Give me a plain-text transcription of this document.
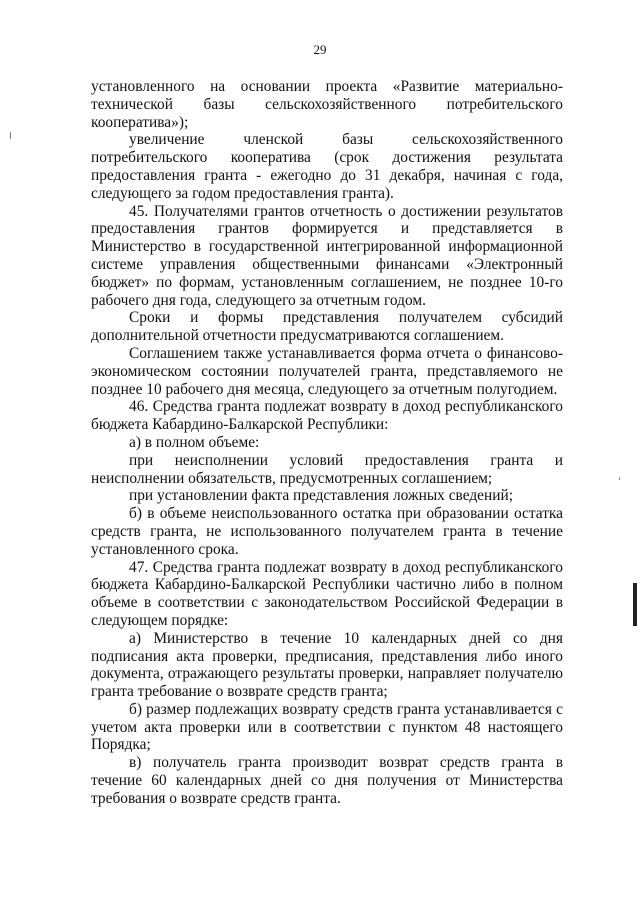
29

установленного на основании проекта «Развитие материально-технической базы сельскохозяйственного потребительского кооператива»);

увеличение членской базы сельскохозяйственного потребительского кооператива (срок достижения результата предоставления гранта - ежегодно до 31 декабря, начиная с года, следующего за годом предоставления гранта).

45. Получателями грантов отчетность о достижении результатов предоставления грантов формируется и представляется в Министерство в государственной интегрированной информационной системе управления общественными финансами «Электронный бюджет» по формам, установленным соглашением, не позднее 10-го рабочего дня года, следующего за отчетным годом.

Сроки и формы представления получателем субсидий дополнительной отчетности предусматриваются соглашением.

Соглашением также устанавливается форма отчета о финансово-экономическом состоянии получателей гранта, представляемого не позднее 10 рабочего дня месяца, следующего за отчетным полугодием.

46. Средства гранта подлежат возврату в доход республиканского бюджета Кабардино-Балкарской Республики:

а) в полном объеме:

при неисполнении условий предоставления гранта и неисполнении обязательств, предусмотренных соглашением;

при установлении факта представления ложных сведений;

б) в объеме неиспользованного остатка при образовании остатка средств гранта, не использованного получателем гранта в течение установленного срока.

47. Средства гранта подлежат возврату в доход республиканского бюджета Кабардино-Балкарской Республики частично либо в полном объеме в соответствии с законодательством Российской Федерации в следующем порядке:

а) Министерство в течение 10 календарных дней со дня подписания акта проверки, предписания, представления либо иного документа, отражающего результаты проверки, направляет получателю гранта требование о возврате средств гранта;

б) размер подлежащих возврату средств гранта устанавливается с учетом акта проверки или в соответствии с пунктом 48 настоящего Порядка;

в) получатель гранта производит возврат средств гранта в течение 60 календарных дней со дня получения от Министерства требования о возврате средств гранта.
